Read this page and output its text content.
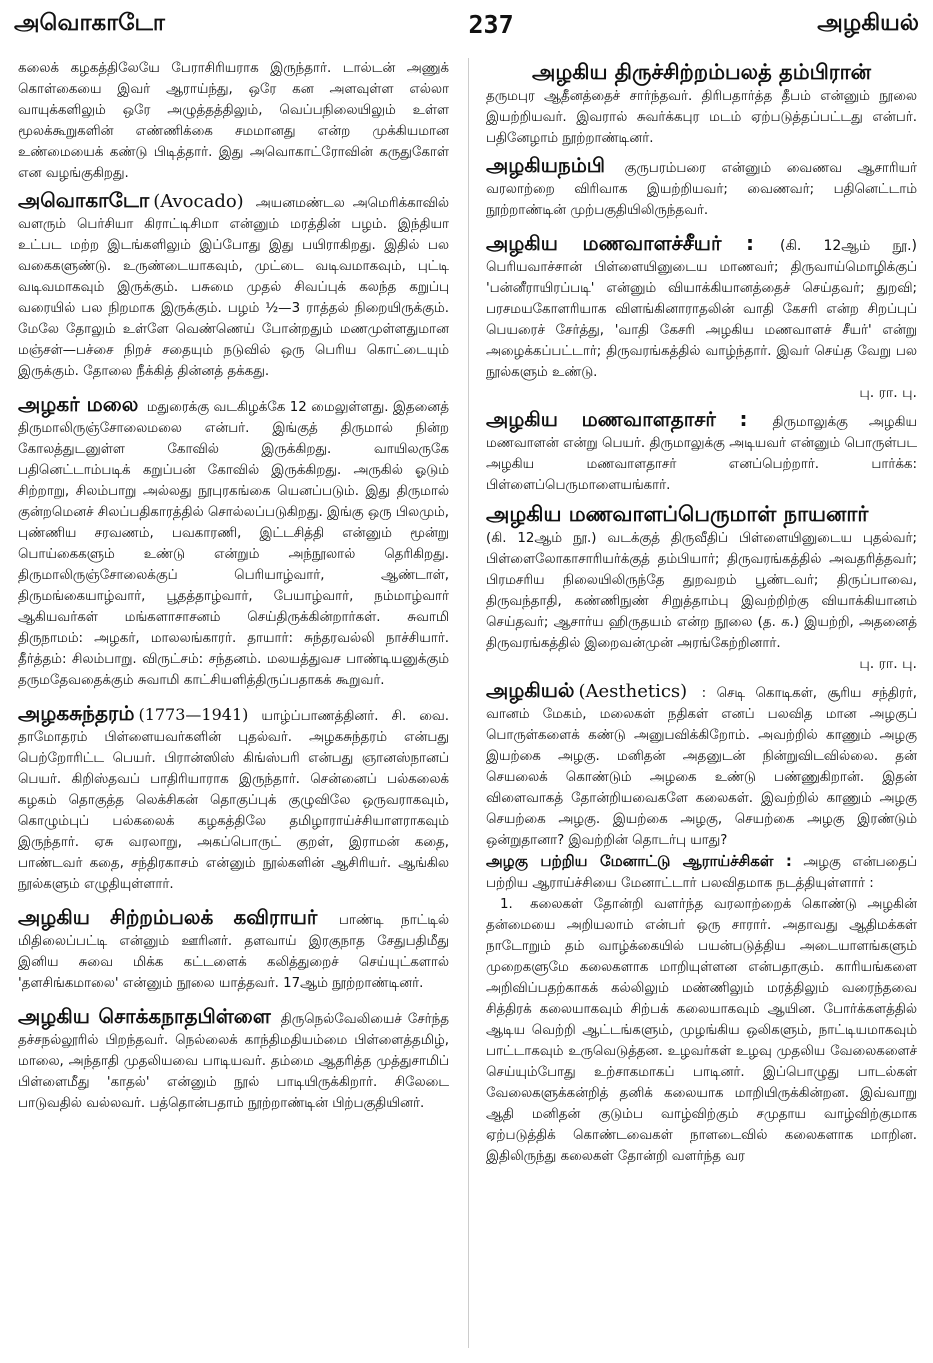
அவொகாடோ	237	அழகியல்

கலைக் கழகத்திலேயே பேராசிரியராக இருந்தார். டால்டன் அணுக் கொள்கையை இவர் ஆராய்ந்து, ஒரே கன அளவுள்ள எல்லா வாயுக்களிலும் ஒரே அழுத்தத்திலும், வெப்பநிலையிலும் உள்ள மூலக்கூறுகளின் எண்ணிக்கை சமமானது என்ற முக்கியமான உண்மையைக் கண்டு பிடித்தார். இது அவொகாட்ரோவின் கருதுகோள் என வழங்குகிறது.

அவொகாடோ (Avocado) அயனமண்டல அமெரிக்காவில் வளரும் பெர்சியா கிராட்டிசிமா என்னும் மரத்தின் பழம். இந்தியா உட்பட மற்ற இடங்களிலும் இப்போது இது பயிராகிறது. இதில் பல வகைகளுண்டு. உருண்டையாகவும், முட்டை வடிவமாகவும், புட்டி வடிவமாகவும் இருக்கும். பசுமை முதல் சிவப்புக் கலந்த கறுப்பு வரையில் பல நிறமாக இருக்கும். பழம் ½—3 ராத்தல் நிறையிருக்கும். மேலே தோலும் உள்ளே வெண்ணெய் போன்றதும் மணமுள்ளதுமான மஞ்சள்—பச்சை நிறச் சதையும் நடுவில் ஒரு பெரிய கொட்டையும் இருக்கும். தோலை நீக்கித் தின்னத் தக்கது.

அழகர் மலை மதுரைக்கு வடகிழக்கே 12 மைலுள்ளது. இதனைத் திருமாலிருஞ்சோலைமலை என்பர். இங்குத் திருமால் நின்ற கோலத்துடனுள்ள கோவில் இருக்கிறது. வாயிலருகே பதினெட்டாம்படிக் கறுப்பன் கோவில் இருக்கிறது. அருகில் ஓடும் சிற்றாறு, சிலம்பாறு அல்லது நூபுரகங்கை யெனப்படும். இது திருமால் குன்றமெனச் சிலப்பதிகாரத்தில் சொல்லப்படுகிறது. இங்கு ஒரு பிலமும், புண்ணிய சரவணம், பவகாரணி, இட்டசித்தி என்னும் மூன்று பொய்கைகளும் உண்டு என்றும் அந்நூலால் தெரிகிறது. திருமாலிருஞ்சோலைக்குப் பெரியாழ்வார், ஆண்டாள், திருமங்கையாழ்வார், பூதத்தாழ்வார், பேயாழ்வார், நம்மாழ்வார் ஆகியவர்கள் மங்களாசாசனம் செய்திருக்கின்றார்கள். சுவாமி திருநாமம்: அழகர், மாலலங்காரர். தாயார்: சுந்தரவல்லி நாச்சியார். தீர்த்தம்: சிலம்பாறு. விருட்சம்: சந்தனம். மலயத்துவச பாண்டியனுக்கும் தருமதேவதைக்கும் சுவாமி காட்சியளித்திருப்பதாகக் கூறுவர்.

அழகசுந்தரம் (1773—1941) யாழ்ப்பாணத்தினர். சி. வை. தாமோதரம் பிள்ளையவர்களின் புதல்வர். அழகசுந்தரம் என்பது பெற்றோரிட்ட பெயர். பிரான்ஸிஸ் கிங்ஸ்பரி என்பது ஞானஸ்நானப் பெயர். கிறிஸ்தவப் பாதிரியாராக இருந்தார். சென்னைப் பல்கலைக் கழகம் தொகுத்த லெக்சிகன் தொகுப்புக் குழுவிலே ஒருவராகவும், கொழும்புப் பல்கலைக் கழகத்திலே தமிழாராய்ச்சியாளராகவும் இருந்தார். ஏசு வரலாறு, அகப்பொருட் குறள், இராமன் கதை, பாண்டவர் கதை, சந்திரகாசம் என்னும் நூல்களின் ஆசிரியர். ஆங்கில நூல்களும் எழுதியுள்ளார்.

அழகிய சிற்றம்பலக் கவிராயர் பாண்டி நாட்டில் மிதிலைப்பட்டி என்னும் ஊரினர். தளவாய் இரகுநாத சேதுபதிமீது இனிய சுவை மிக்க கட்டளைக் கலித்துறைச் செய்யுட்களால் 'தளசிங்கமாலை' என்னும் நூலை யாத்தவர். 17ஆம் நூற்றாண்டினர்.

அழகிய சொக்கநாதபிள்ளை திருநெல்வேலியைச் சேர்ந்த தச்சநல்லூரில் பிறந்தவர். நெல்லைக் காந்திமதியம்மை பிள்ளைத்தமிழ், மாலை, அந்தாதி முதலியவை பாடியவர். தம்மை ஆதரித்த முத்துசாமிப் பிள்ளைமீது 'காதல்' என்னும் நூல் பாடியிருக்கிறார். சிலேடை பாடுவதில் வல்லவர். பத்தொன்பதாம் நூற்றாண்டின் பிற்பகுதியினர்.

அழகிய திருச்சிற்றம்பலத் தம்பிரான்

தருமபுர ஆதீனத்தைச் சார்ந்தவர். திரிபதார்த்த தீபம் என்னும் நூலை இயற்றியவர். இவரால் சுவர்க்கபுர மடம் ஏற்படுத்தப்பட்டது என்பர். பதினேழாம் நூற்றாண்டினர்.

அழகியநம்பி குருபரம்பரை என்னும் வைணவ ஆசாரியர் வரலாற்றை விரிவாக இயற்றியவர்; வைணவர்; பதினெட்டாம் நூற்றாண்டின் முற்பகுதியிலிருந்தவர்.

அழகிய மணவாளச்சீயர் : (கி. 12ஆம் நூ.) பெரியவாச்சான் பிள்ளையினுடைய மாணவர்; திருவாய்மொழிக்குப் 'பன்னீராயிரப்படி' என்னும் வியாக்கியானத்தைச் செய்தவர்; துறவி; பரசமயகோளரியாக விளங்கினாராதலின் வாதி கேசரி என்ற சிறப்புப் பெயரைச் சேர்த்து, 'வாதி கேசரி அழகிய மணவாளச் சீயர்' என்று அழைக்கப்பட்டார்; திருவரங்கத்தில் வாழ்ந்தார். இவர் செய்த வேறு பல நூல்களும் உண்டு.

பு. ரா. பு.

அழகிய மணவாளதாசர் : திருமாலுக்கு அழகிய மணவாளன் என்று பெயர். திருமாலுக்கு அடியவர் என்னும் பொருள்பட அழகிய மணவாளதாசர் எனப்பெற்றார். பார்க்க: பிள்ளைப்பெருமாளையங்கார்.

அழகிய மணவாளப்பெருமாள் நாயனார்

(கி. 12ஆம் நூ.) வடக்குத் திருவீதிப் பிள்ளையினுடைய புதல்வர்; பிள்ளைலோகாசாரியர்க்குத் தம்பியார்; திருவரங்கத்தில் அவதரித்தவர்; பிரமசரிய நிலையிலிருந்தே துறவறம் பூண்டவர்; திருப்பாவை, திருவந்தாதி, கண்ணிநுண் சிறுத்தாம்பு இவற்றிற்கு வியாக்கியானம் செய்தவர்; ஆசார்ய ஹிருதயம் என்ற நூலை (த. க.) இயற்றி, அதனைத் திருவரங்கத்தில் இறைவன்முன் அரங்கேற்றினார்.

பு. ரா. பு.

அழகியல் (Aesthetics) : செடி கொடிகள், சூரிய சந்திரர், வானம் மேகம், மலைகள் நதிகள் எனப் பலவித மான அழகுப் பொருள்களைக் கண்டு அனுபவிக்கிறோம். அவற்றில் காணும் அழகு இயற்கை அழகு. மனிதன் அதனுடன் நின்றுவிடவில்லை. தன் செயலைக் கொண்டும் அழகை உண்டு பண்ணுகிறான். இதன் விளைவாகத் தோன்றியவைகளே கலைகள். இவற்றில் காணும் அழகு செயற்கை அழகு. இயற்கை அழகு, செயற்கை அழகு இரண்டும் ஒன்றுதானா? இவற்றின் தொடர்பு யாது?

அழகு பற்றிய மேனாட்டு ஆராய்ச்சிகள் : அழகு என்பதைப் பற்றிய ஆராய்ச்சியை மேனாட்டார் பலவிதமாக நடத்தியுள்ளார் :

1. கலைகள் தோன்றி வளர்ந்த வரலாற்றைக் கொண்டு அழகின் தன்மையை அறியலாம் என்பர் ஒரு சாரார். அதாவது ஆதிமக்கள் நாடோறும் தம் வாழ்க்கையில் பயன்படுத்திய அடையாளங்களும் முறைகளுமே கலைகளாக மாறியுள்ளன என்பதாகும். காரியங்களை அறிவிப்பதற்காகக் கல்லிலும் மண்ணிலும் மரத்திலும் வரைந்தவை சித்திரக் கலையாகவும் சிற்பக் கலையாகவும் ஆயின. போர்க்களத்தில் ஆடிய வெற்றி ஆட்டங்களும், முழங்கிய ஒலிகளும், நாட்டியமாகவும் பாட்டாகவும் உருவெடுத்தன. உழவர்கள் உழவு முதலிய வேலைகளைச் செய்யும்போது உற்சாகமாகப் பாடினர். இப்பொழுது பாடல்கள் வேலைகளுக்கன்றித் தனிக் கலையாக மாறியிருக்கின்றன. இவ்வாறு ஆதி மனிதன் குடும்ப வாழ்விற்கும் சமுதாய வாழ்விற்குமாக ஏற்படுத்திக் கொண்டவைகள் நாளடைவில் கலைகளாக மாறின. இதிலிருந்து கலைகள் தோன்றி வளர்ந்த வர
